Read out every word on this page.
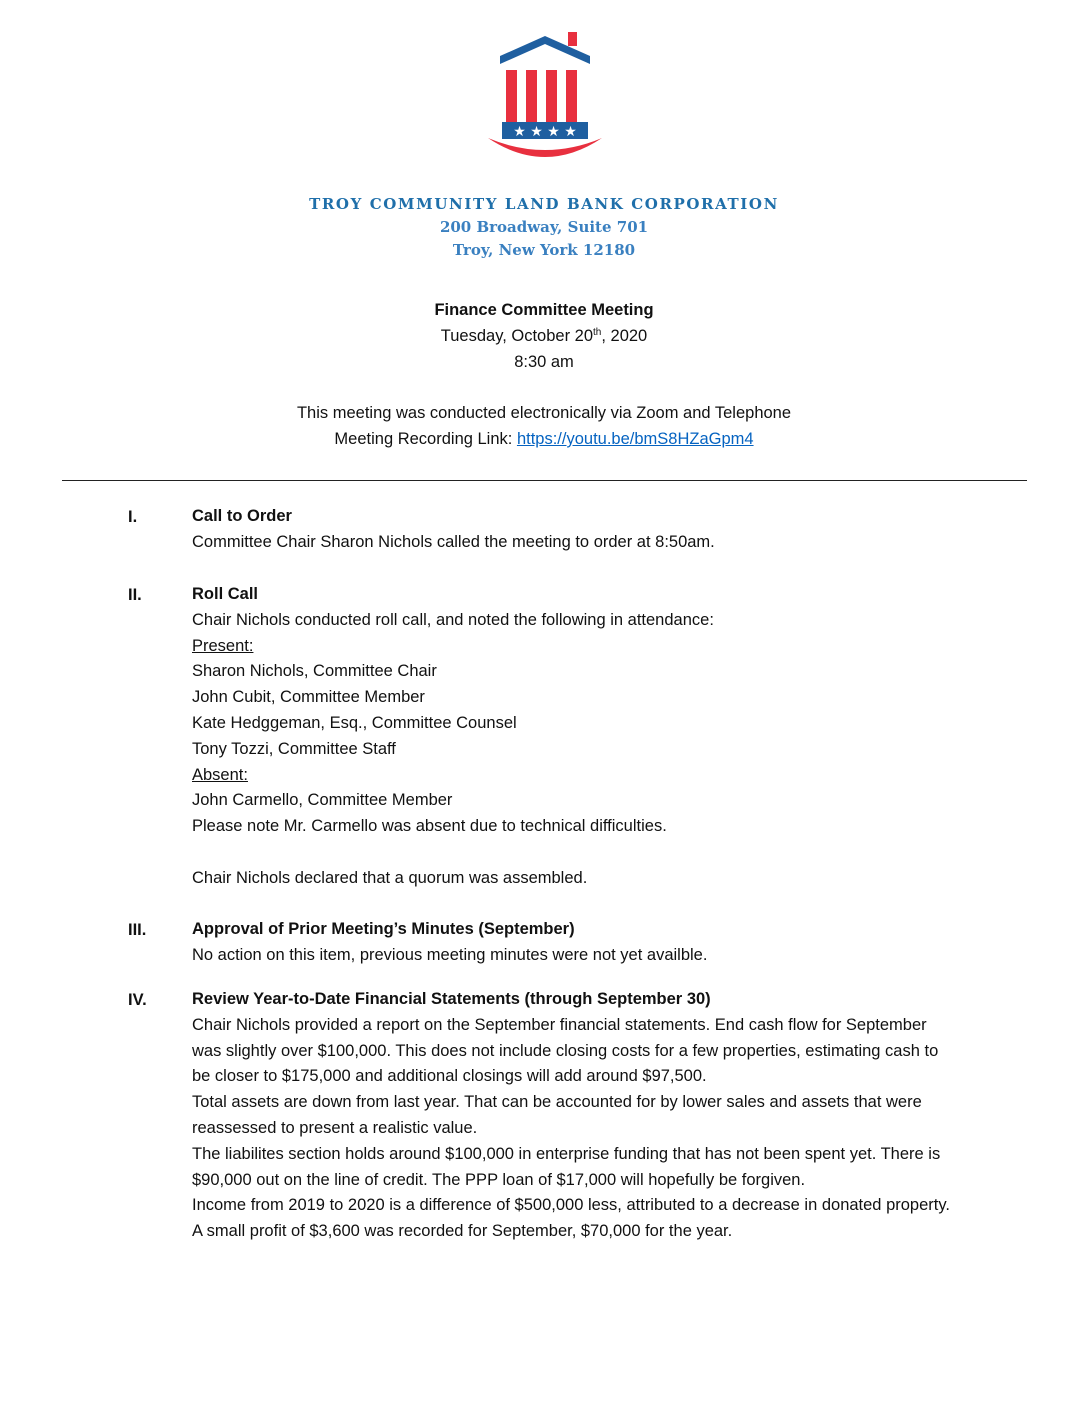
★ ★ ★ ★
TROY COMMUNITY LAND BANK CORPORATION
200 Broadway, Suite 701
Troy, New York 12180
Finance Committee Meeting
Tuesday, October 20th, 2020
8:30 am
This meeting was conducted electronically via Zoom and Telephone
Meeting Recording Link: https://youtu.be/bmS8HZaGpm4
I.	Call to Order
Committee Chair Sharon Nichols called the meeting to order at 8:50am.
II.	Roll Call
Chair Nichols conducted roll call, and noted the following in attendance:
Present:
Sharon Nichols, Committee Chair
John Cubit, Committee Member
Kate Hedggeman, Esq., Committee Counsel
Tony Tozzi, Committee Staff
Absent:
John Carmello, Committee Member
Please note Mr. Carmello was absent due to technical difficulties.
Chair Nichols declared that a quorum was assembled.
III.	Approval of Prior Meeting’s Minutes (September)
No action on this item, previous meeting minutes were not yet availble.
IV.	Review Year-to-Date Financial Statements (through September 30)
Chair Nichols provided a report on the September financial statements. End cash flow for September
was slightly over $100,000. This does not include closing costs for a few properties, estimating cash to
be closer to $175,000 and additional closings will add around $97,500.
Total assets are down from last year. That can be accounted for by lower sales and assets that were
reassessed to present a realistic value.
The liabilites section holds around $100,000 in enterprise funding that has not been spent yet. There is
$90,000 out on the line of credit. The PPP loan of $17,000 will hopefully be forgiven.
Income from 2019 to 2020 is a difference of $500,000 less, attributed to a decrease in donated property.
A small profit of $3,600 was recorded for September, $70,000 for the year.
